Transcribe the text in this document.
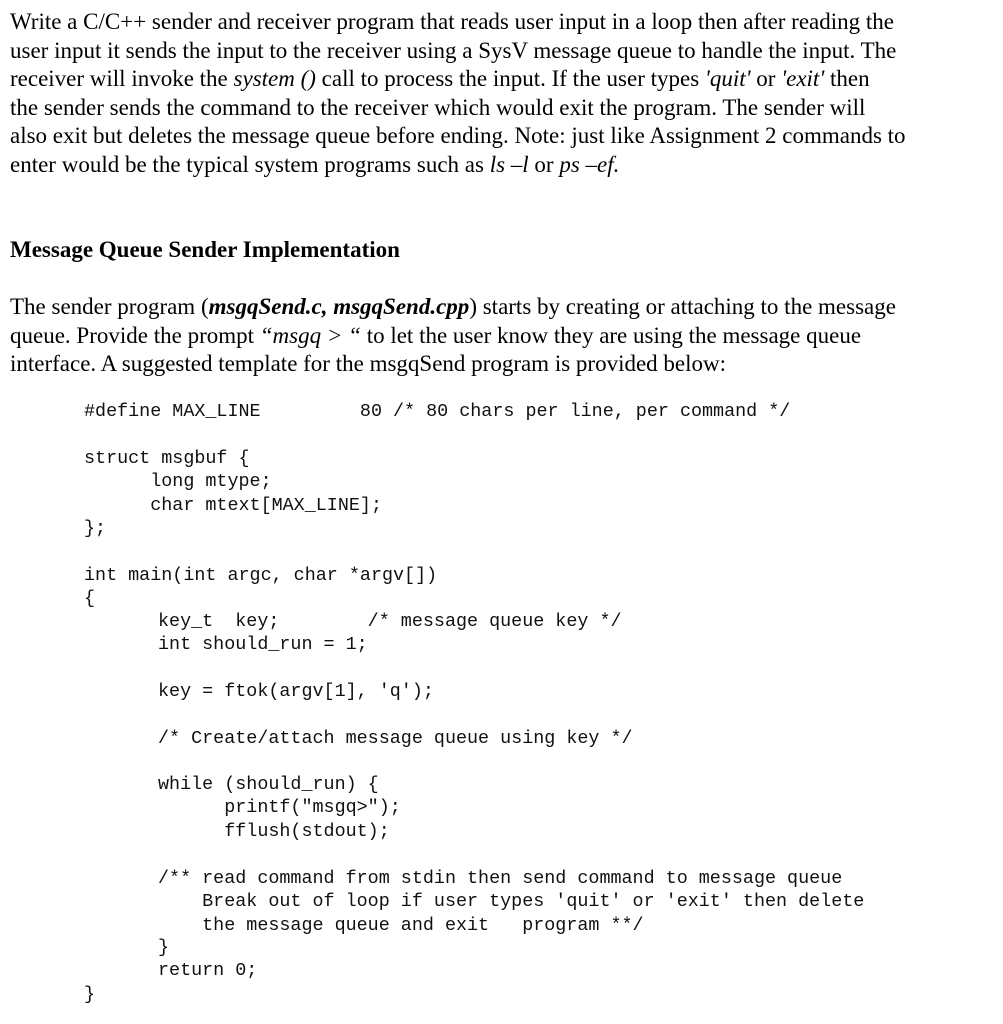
Write a C/C++ sender and receiver program that reads user input in a loop then after reading the
user input it sends the input to the receiver using a SysV message queue to handle the input. The
receiver will invoke the system () call to process the input. If the user types 'quit' or 'exit' then
the sender sends the command to the receiver which would exit the program. The sender will
also exit but deletes the message queue before ending. Note: just like Assignment 2 commands to
enter would be the typical system programs such as ls –l or ps –ef.
Message Queue Sender Implementation
The sender program (msgqSend.c, msgqSend.cpp) starts by creating or attaching to the message
queue. Provide the prompt “msgq > “ to let the user know they are using the message queue
interface. A suggested template for the msgqSend program is provided below:
#define MAX_LINE         80 /* 80 chars per line, per command */
struct msgbuf {
long mtype;
char mtext[MAX_LINE];
};
int main(int argc, char *argv[])
{
key_t  key;        /* message queue key */
int should_run = 1;
key = ftok(argv[1], 'q');
/* Create/attach message queue using key */
while (should_run) {
printf("msgq>");
fflush(stdout);
/** read command from stdin then send command to message queue
Break out of loop if user types 'quit' or 'exit' then delete
the message queue and exit   program **/
}
return 0;
}
